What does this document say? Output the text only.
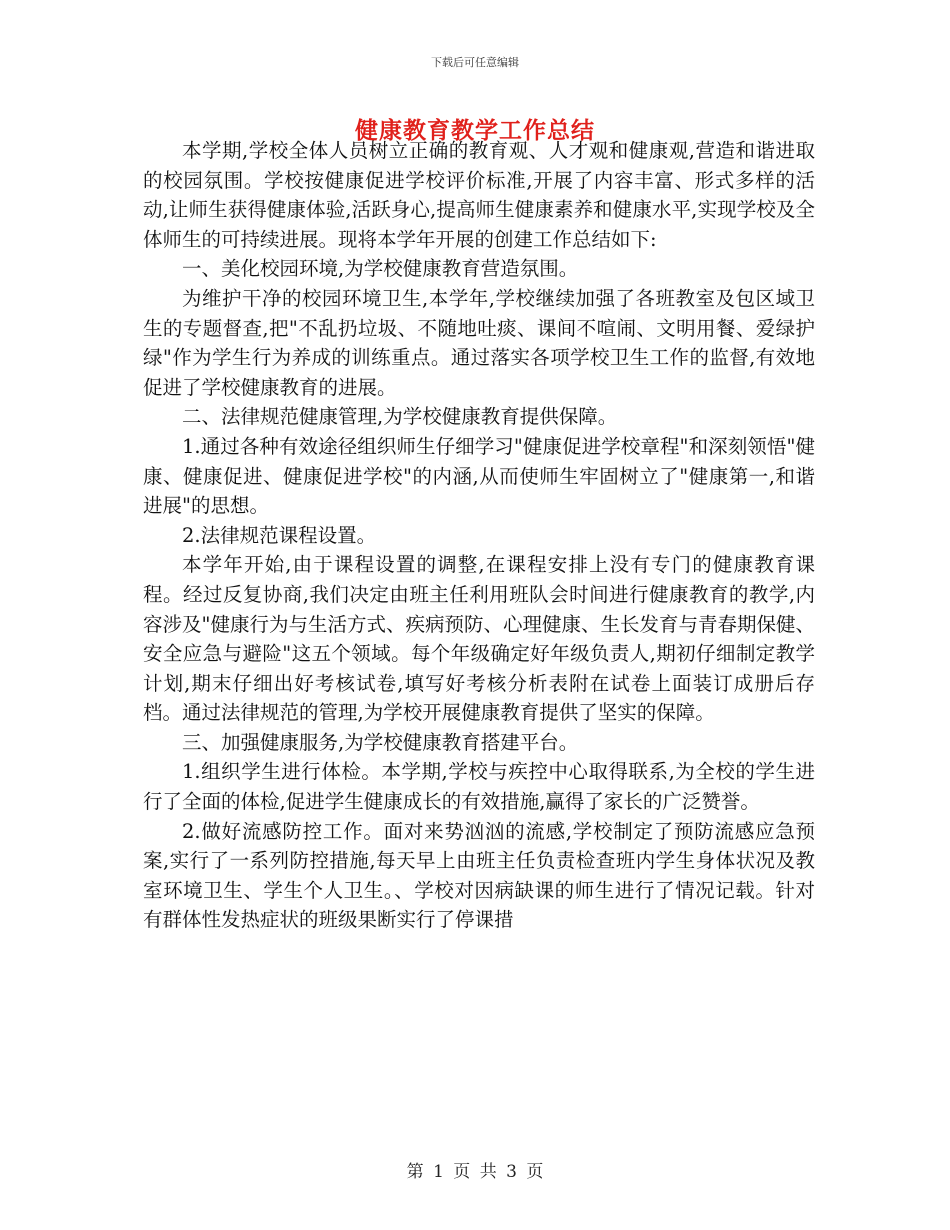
下载后可任意编辑
健康教育教学工作总结

本学期,学校全体人员树立正确的教育观、人才观和健康观,营造和谐进取的校园氛围。学校按健康促进学校评价标准,开展了内容丰富、形式多样的活动,让师生获得健康体验,活跃身心,提高师生健康素养和健康水平,实现学校及全体师生的可持续进展。现将本学年开展的创建工作总结如下:

一、美化校园环境,为学校健康教育营造氛围。

为维护干净的校园环境卫生,本学年,学校继续加强了各班教室及包区域卫生的专题督查,把"不乱扔垃圾、不随地吐痰、课间不喧闹、文明用餐、爱绿护绿"作为学生行为养成的训练重点。通过落实各项学校卫生工作的监督,有效地促进了学校健康教育的进展。

二、法律规范健康管理,为学校健康教育提供保障。

1.通过各种有效途径组织师生仔细学习"健康促进学校章程"和深刻领悟"健康、健康促进、健康促进学校"的内涵,从而使师生牢固树立了"健康第一,和谐进展"的思想。

2.法律规范课程设置。

本学年开始,由于课程设置的调整,在课程安排上没有专门的健康教育课程。经过反复协商,我们决定由班主任利用班队会时间进行健康教育的教学,内容涉及"健康行为与生活方式、疾病预防、心理健康、生长发育与青春期保健、安全应急与避险"这五个领域。每个年级确定好年级负责人,期初仔细制定教学计划,期末仔细出好考核试卷,填写好考核分析表附在试卷上面装订成册后存档。通过法律规范的管理,为学校开展健康教育提供了坚实的保障。

三、加强健康服务,为学校健康教育搭建平台。

1.组织学生进行体检。本学期,学校与疾控中心取得联系,为全校的学生进行了全面的体检,促进学生健康成长的有效措施,赢得了家长的广泛赞誉。

2.做好流感防控工作。面对来势汹汹的流感,学校制定了预防流感应急预案,实行了一系列防控措施,每天早上由班主任负责检查班内学生身体状况及教室环境卫生、学生个人卫生。、学校对因病缺课的师生进行了情况记载。针对有群体性发热症状的班级果断实行了停课措

第 1 页 共 3 页
